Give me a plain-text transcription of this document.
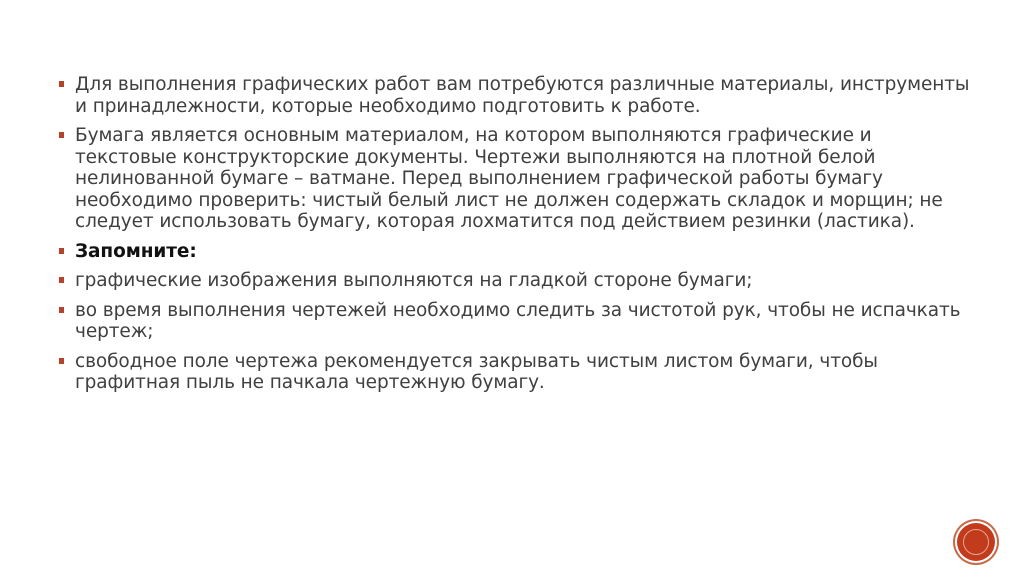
Для выполнения графических работ вам потребуются различные материалы, инструменты и принадлежности, которые необходимо подготовить к работе.
Бумага является основным материалом, на котором выполняются графические и текстовые конструкторские документы. Чертежи выполняются на плотной белой нелинованной бумаге – ватмане. Перед выполнением графической работы бумагу необходимо проверить: чистый белый лист не должен содержать складок и морщин; не следует использовать бумагу, которая лохматится под действием резинки (ластика).
Запомните:
графические изображения выполняются на гладкой стороне бумаги;
во время выполнения чертежей необходимо следить за чистотой рук, чтобы не испачкать чертеж;
свободное поле чертежа рекомендуется закрывать чистым листом бумаги, чтобы графитная пыль не пачкала чертежную бумагу.
